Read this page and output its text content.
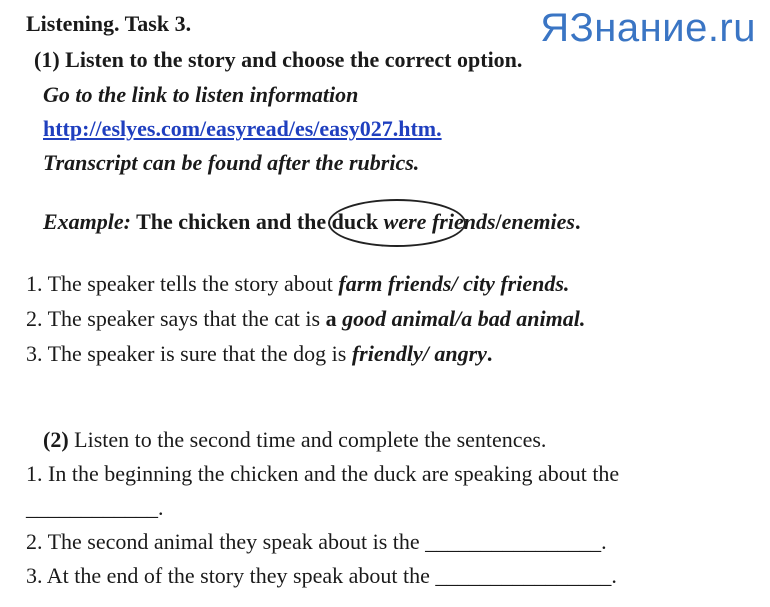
ЯЗнание.ru
Listening. Task 3.
(1) Listen to the story and choose the correct option.
Go to the link to listen information
http://eslyes.com/easyread/es/easy027.htm.
Transcript can be found after the rubrics.
Example: The chicken and the duck were friends/enemies.
1. The speaker tells the story about farm friends/ city friends.
2. The speaker says that the cat is a good animal/a bad animal.
3. The speaker is sure that the dog is friendly/ angry.
(2) Listen to the second time and complete the sentences.
1. In the beginning the chicken and the duck are speaking about the
____________.
2. The second animal they speak about is the ________________.
3. At the end of the story they speak about the ________________.
